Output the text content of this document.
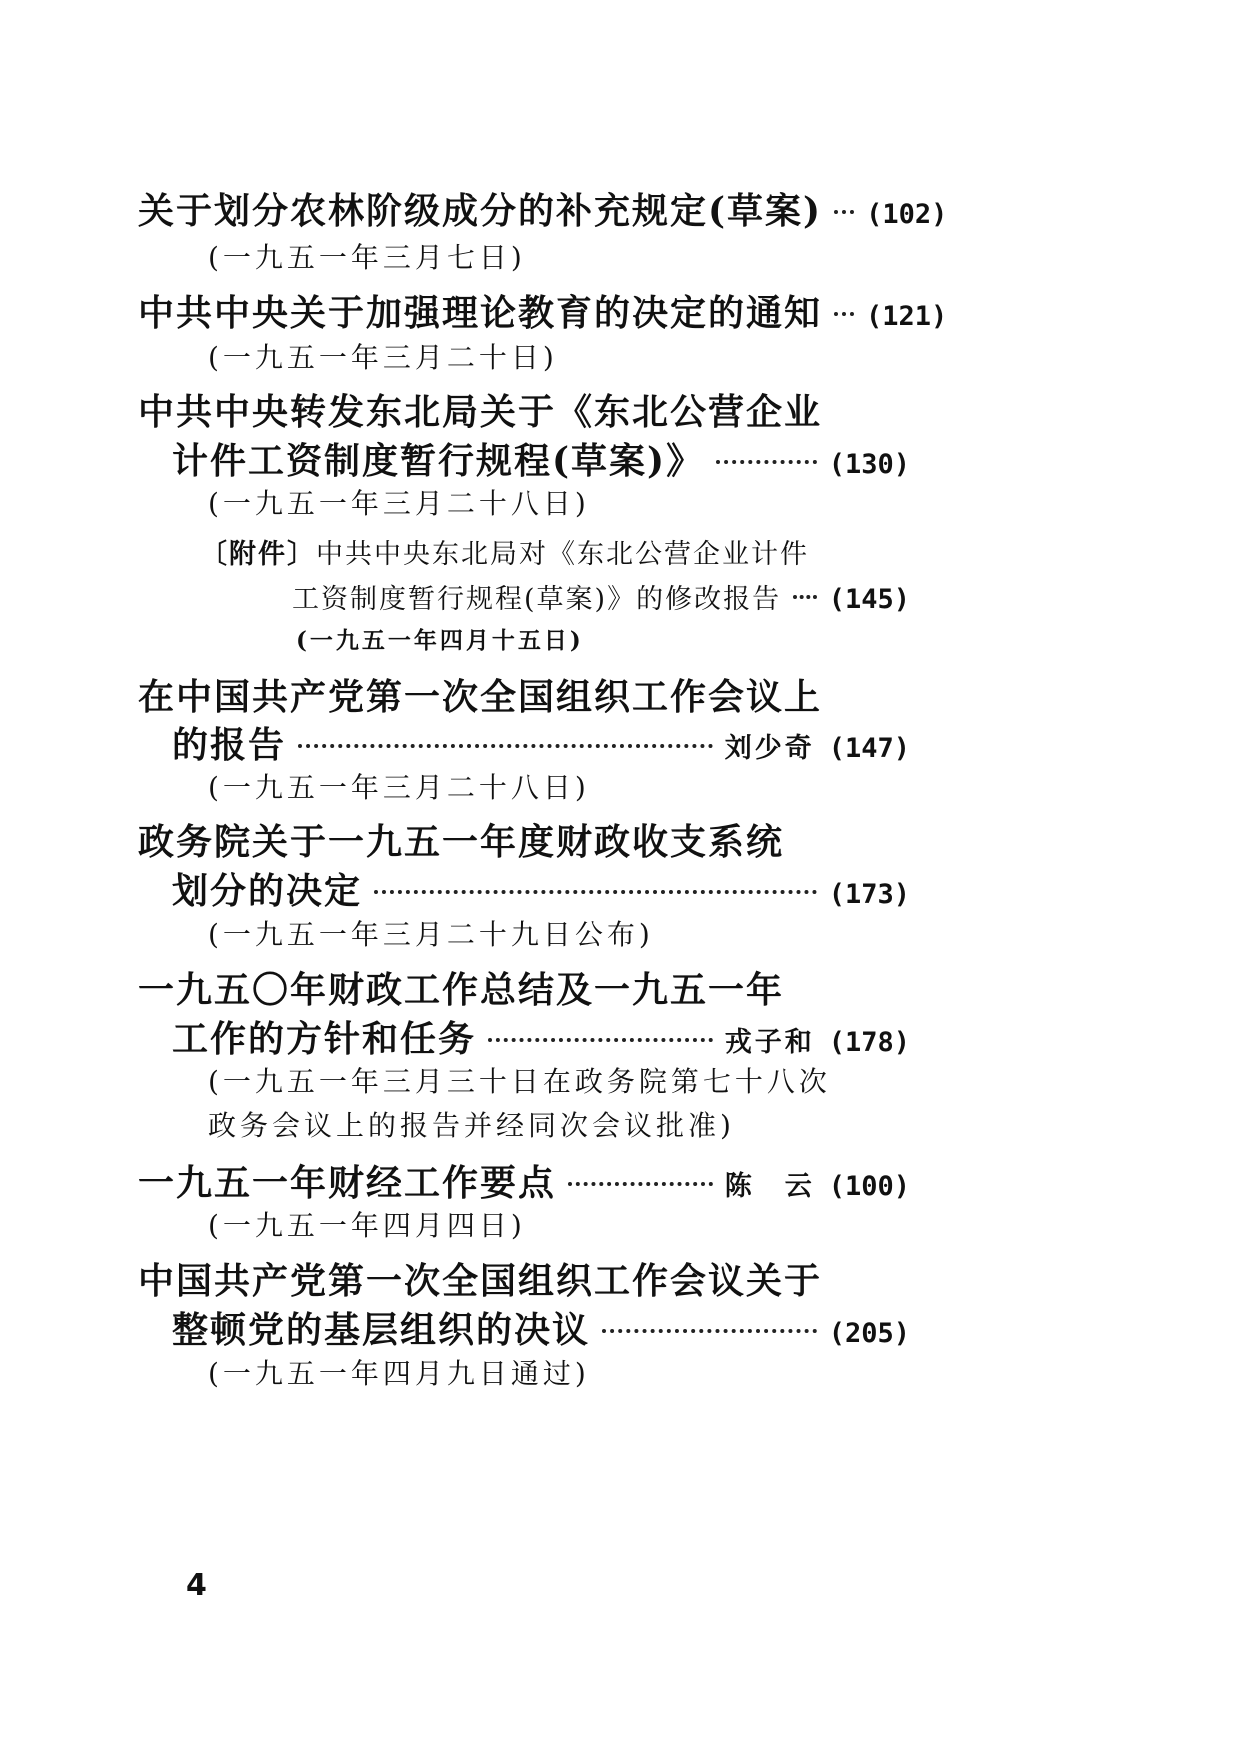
关于划分农林阶级成分的补充规定(草案) (102)
(一九五一年三月七日)
中共中央关于加强理论教育的决定的通知 (121)
(一九五一年三月二十日)
中共中央转发东北局关于《东北公营企业
计件工资制度暂行规程(草案)》	(130)
(一九五一年三月二十八日)
〔附件〕 中共中央东北局对《东北公营企业计件
工资制度暂行规程(草案)》的修改报告 (145)
(一九五一年四月十五日)
在中国共产党第一次全国组织工作会议上
的报告	刘少奇 (147)
(一九五一年三月二十八日)
政务院关于一九五一年度财政收支系统
划分的决定	(173)
(一九五一年三月二十九日公布)
一九五〇年财政工作总结及一九五一年
工作的方针和任务	戎子和 (178)
(一九五一年三月三十日在政务院第七十八次
政务会议上的报告并经同次会议批准)
一九五一年财经工作要点	陈　云 (100)
(一九五一年四月四日)
中国共产党第一次全国组织工作会议关于
整顿党的基层组织的决议	(205)
(一九五一年四月九日通过)
4
